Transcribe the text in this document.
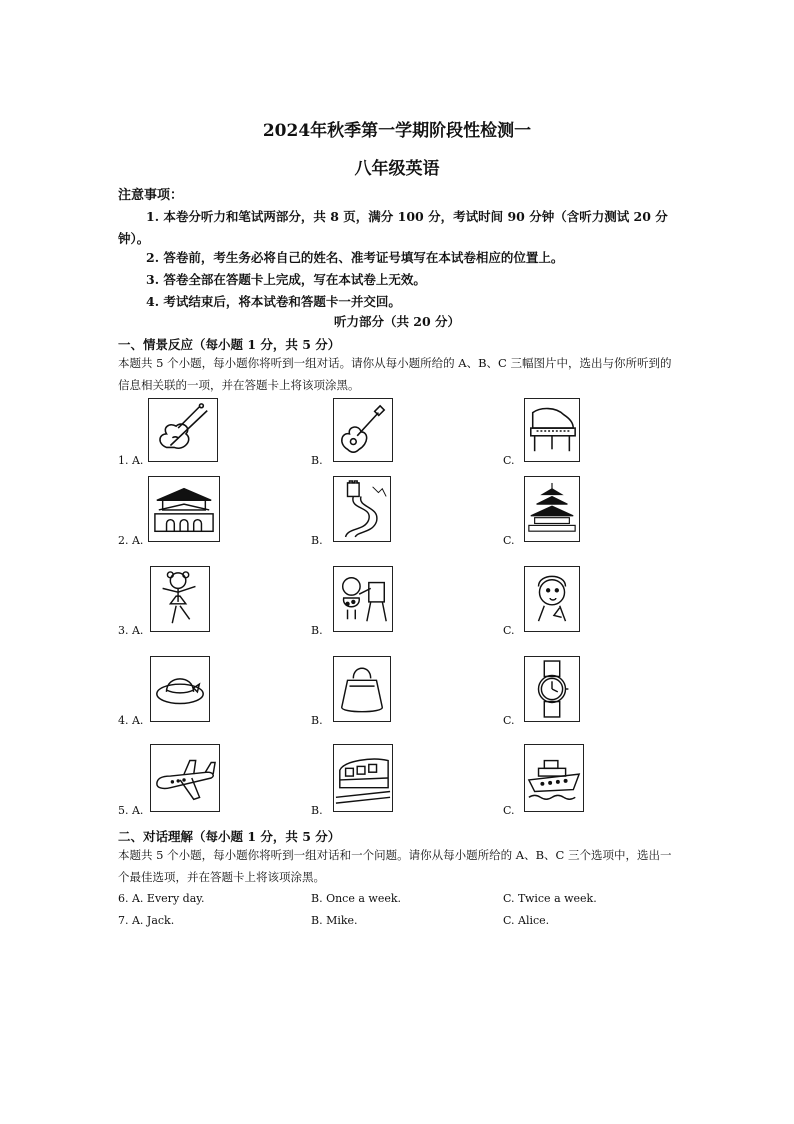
2024年秋季第一学期阶段性检测一
八年级英语
注意事项：
1. 本卷分听力和笔试两部分，共 8 页，满分 100 分，考试时间 90 分钟（含听力测试 20 分钟）。
2. 答卷前，考生务必将自己的姓名、准考证号填写在本试卷相应的位置上。
3. 答卷全部在答题卡上完成，写在本试卷上无效。
4. 考试结束后，将本试卷和答题卡一并交回。
听力部分（共 20 分）
一、情景反应（每小题 1 分，共 5 分）
本题共 5 个小题，每小题你将听到一组对话。请你从每小题所给的 A、B、C 三幅图片中，选出与你所听到的信息相关联的一项，并在答题卡上将该项涂黑。
1. A.	B.	C.
2. A.	B.	C.
3. A.	B.	C.
4. A.	B.	C.
5. A.	B.	C.
二、对话理解（每小题 1 分，共 5 分）
本题共 5 个小题，每小题你将听到一组对话和一个问题。请你从每小题所给的 A、B、C 三个选项中，选出一个最佳选项，并在答题卡上将该项涂黑。
6. A. Every day.	B. Once a week.	C. Twice a week.
7. A. Jack.	B. Mike.	C. Alice.
